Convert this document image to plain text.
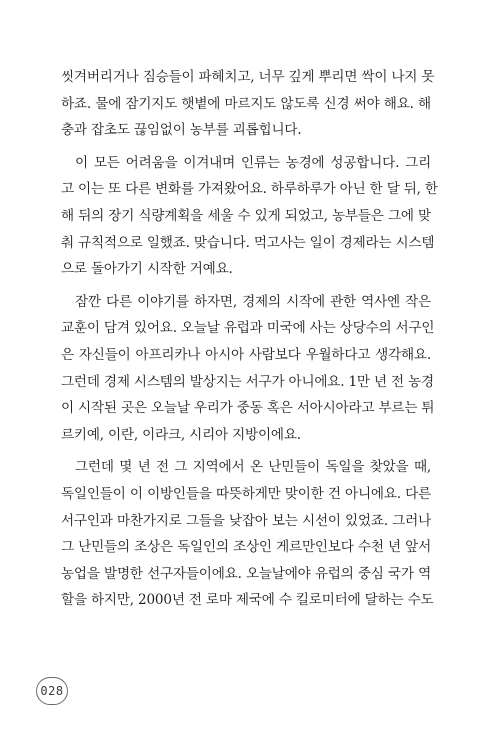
씻겨버리거나 짐승들이 파헤치고, 너무 깊게 뿌리면 싹이 나지 못
하죠. 물에 잠기지도 햇볕에 마르지도 않도록 신경 써야 해요. 해
충과 잡초도 끊임없이 농부를 괴롭힙니다.
이 모든 어려움을 이겨내며 인류는 농경에 성공합니다. 그리
고 이는 또 다른 변화를 가져왔어요. 하루하루가 아닌 한 달 뒤, 한
해 뒤의 장기 식량계획을 세울 수 있게 되었고, 농부들은 그에 맞
춰 규칙적으로 일했죠. 맞습니다. 먹고사는 일이 경제라는 시스템
으로 돌아가기 시작한 거예요.
잠깐 다른 이야기를 하자면, 경제의 시작에 관한 역사엔 작은
교훈이 담겨 있어요. 오늘날 유럽과 미국에 사는 상당수의 서구인
은 자신들이 아프리카나 아시아 사람보다 우월하다고 생각해요.
그런데 경제 시스템의 발상지는 서구가 아니에요. 1만 년 전 농경
이 시작된 곳은 오늘날 우리가 중동 혹은 서아시아라고 부르는 튀
르키예, 이란, 이라크, 시리아 지방이에요.
그런데 몇 년 전 그 지역에서 온 난민들이 독일을 찾았을 때,
독일인들이 이 이방인들을 따뜻하게만 맞이한 건 아니에요. 다른
서구인과 마찬가지로 그들을 낮잡아 보는 시선이 있었죠. 그러나
그 난민들의 조상은 독일인의 조상인 게르만인보다 수천 년 앞서
농업을 발명한 선구자들이에요. 오늘날에야 유럽의 중심 국가 역
할을 하지만, 2000년 전 로마 제국에 수 킬로미터에 달하는 수도
028
